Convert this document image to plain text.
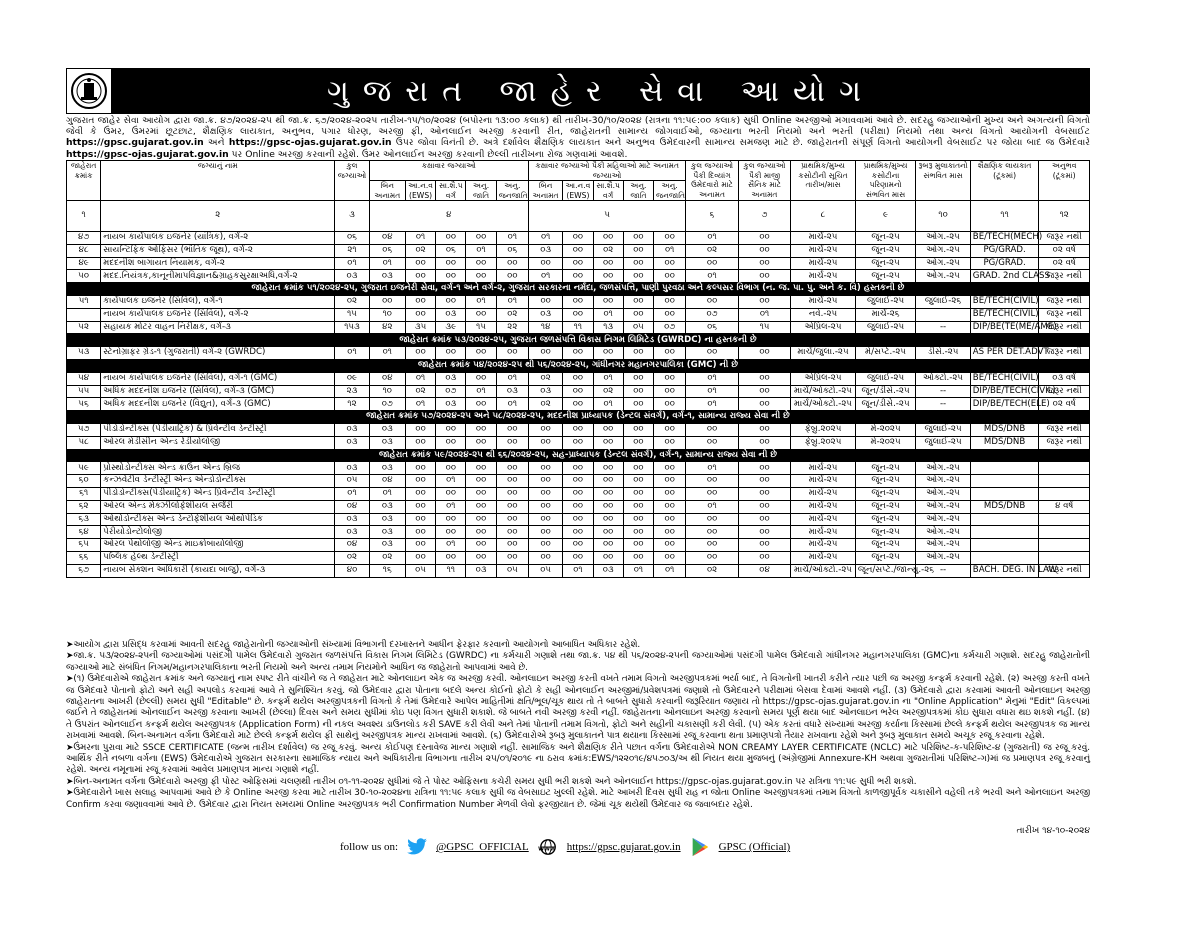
ગુજરાત જાહેર સેવા આયોગ
ગુજરાત જાહેર સેવા આયોગ દ્વારા જા.ક્ર. ૪૭/૨૦૨૪-૨૫ થી જા.ક્ર. ૬૭/૨૦૨૪-૨૦૨૫ તારીખ-૧૫/૧૦/૨૦૨૪ (બપોરના ૧૩:૦૦ કલાક) થી તારીખ-30/૧૦/૨૦૨૪ (રાત્રના ૧૧:૫૯:૦૦ કલાક) સુધી Online અરજીઓ મગાવવામાં આવે છે. સદરહુ જગ્યાઓની મુખ્ય અને અગત્યની વિગતો જેવી કે ઉંમર, ઉંમરમાં છૂટછાટ, શૈક્ષણિક લાયકાત, અનુભવ, પગાર ધોરણ, અરજી ફી, ઓનલાઈન અરજી કરવાની રીત, જાહેરાતની સામાન્ય જોગવાઈઓ, જગ્યાના ભરતી નિયમો અને ભરતી (પરીક્ષા) નિયમો તથા અન્ય વિગતો આયોગની વેબસાઈટ https://gpsc.gujarat.gov.in અને https://gpsc-ojas.gujarat.gov.in ઉપર જોવા વિનંતી છે. અત્રે દર્શાવેલ શૈક્ષણિક લાયકાત અને અનુભવ ઉમેદવારની સામાન્ય સમજણ માટે છે. જાહેરાતની સંપૂર્ણ વિગતો આયોગની વેબસાઈટ પર જોયા બાદ જ ઉમેદવારે https://gpsc-ojas.gujarat.gov.in પર Online અરજી કરવાની રહેશે. ઉંમર ઓનલાઈન અરજી કરવાની છેલ્લી તારીખના રોજ ગણવામાં આવશે.
જાહેરાત ક્રમાંક	જગ્યાનું નામ	કુલ જગ્યાઓ	કક્ષાવાર જગ્યાઓ					કક્ષાવાર જગ્યાઓ પૈકી મહિલાઓ માટે અનામત જગ્યાઓ					કુલ જગ્યાઓ પૈકી દિવ્યાંગ ઉમેદવારો માટે અનામત	કુલ જગ્યાઓ પૈકી માજી સૈનિક માટે અનામત	પ્રાથમિક/મુખ્ય કસોટીની સૂચિત તારીખ/માસ	પ્રાથમિક/મુખ્ય કસોટીના પરિણામનો સંભવિત માસ	રૂબરૂ મુલાકાતનો સંભવિત માસ	શૈક્ષણિક લાયકાત (ટૂંકમાં)	અનુભવ (ટૂંકમાં)
			બિન અનામત	આ.ન.વ (EWS)	સા.શૈ.પ વર્ગ	અનુ. જાતિ	અનુ. જનજાતિ	બિન અનામત	આ.ન.વ (EWS)	સા.શૈ.પ વર્ગ	અનુ. જાતિ	અનુ. જનજાતિ							
૧	૨	૩	૪					૫					૬	૭	૮	૯	૧૦	૧૧	૧૨
૪૭	નાયબ કાર્યપાલક ઇજનેર (યાંત્રિક), વર્ગ-૨	૦૬	૦૪	૦૧	૦૦	૦૦	૦૧	૦૧	૦૦	૦૦	૦૦	૦૦	૦૧	૦૦	માર્ચ-૨૫	જૂન-૨૫	ઓગ.-૨૫	BE/TECH(MECH)	જરૂર નથી
૪૮	સાયન્ટિફિક ઓફિસર (ભૌતિક જૂથ), વર્ગ-૨	૨૧	૦૬	૦૨	૦૬	૦૧	૦૬	૦૩	૦૦	૦૨	૦૦	૦૧	૦૨	૦૦	માર્ચ-૨૫	જૂન-૨૫	ઓગ.-૨૫	PG/GRAD.	૦૨ વર્ષ
૪૯	મદદનીશ બાગાયત નિયામક, વર્ગ-૨	૦૧	૦૧	૦૦	૦૦	૦૦	૦૦	૦૦	૦૦	૦૦	૦૦	૦૦	૦૦	૦૦	માર્ચ-૨૫	જૂન-૨૫	ઓગ.-૨૫	PG/GRAD.	૦૨ વર્ષ
૫૦	મદદ.નિયંત્રક,કાનૂનીમાપવિજ્ઞાન&ગ્રાહકસુરક્ષાઅધિ,વર્ગ-૨	૦૩	૦૩	૦૦	૦૦	૦૦	૦૦	૦૧	૦૦	૦૦	૦૦	૦૦	૦૧	૦૦	માર્ચ-૨૫	જૂન-૨૫	ઓગ.-૨૫	GRAD. 2nd CLASS	જરૂર નથી
જાહેરાત ક્રમાંક ૫૧/૨૦૨૪-૨૫, ગુજરાત ઇજનેરી સેવા, વર્ગ-૧ અને વર્ગ-૨, ગુજરાત સરકારના નર્મદા, જળસંપત્તિ, પાણી પુરવઠા અને કલ્પસર વિભાગ (ન. જ. પા. પુ. અને ક. વિ) હસ્તકની છે																			
૫૧	કાર્યપાલક ઇજનેર (સિવિલ), વર્ગ-૧	૦૨	૦૦	૦૦	૦૦	૦૧	૦૧	૦૦	૦૦	૦૦	૦૦	૦૦	૦૦	૦૦	માર્ચ-૨૫	જુલાઈ-૨૫	જુલાઈ-૨૬	BE/TECH(CIVIL)	જરૂર નથી
	નાયબ કાર્યપાલક ઇજનેર (સિવિલ), વર્ગ-૨	૧૫	૧૦	૦૦	૦૩	૦૦	૦૨	૦૩	૦૦	૦૧	૦૦	૦૦	૦૭	૦૧	નવે.-૨૫	માર્ચ-૨૬		BE/TECH(CIVIL)	જરૂર નથી
૫૨	સહાયક મોટર વાહન નિરીક્ષક, વર્ગ-૩	૧૫૩	૪૨	૩૫	૩૯	૧૫	૨૨	૧૪	૧૧	૧૩	૦૫	૦૭	૦૬	૧૫	એપ્રિલ-૨૫	જુલાઈ-૨૫	--	DIP/BE(TE(ME/AME)	જરૂર નથી
જાહેરાત ક્રમાંક ૫૩/૨૦૨૪-૨૫, ગુજરાત જળસંપત્તિ વિકાસ નિગમ લિમિટેડ (GWRDC) ના હસ્તકની છે																			
૫૩	સ્ટેનોગ્રાફર ગ્રેડ-૧ (ગુજરાતી) વર્ગ-૨ (GWRDC)	૦૧	૦૧	૦૦	૦૦	૦૦	૦૦	૦૦	૦૦	૦૦	૦૦	૦૦	૦૦	૦૦	માર્ચ/જુલા.-૨૫	મે/સપ્ટે.-૨૫	ડીસે.-૨૫	AS PER DET.ADVT.	જરૂર નથી
જાહેરાત ક્રમાંક ૫૪/૨૦૨૪-૨૫ થી ૫૬/૨૦૨૪-૨૫, ગાંધીનગર મહાનગરપાલિકા (GMC) ની છે																			
૫૪	નાયબ કાર્યપાલક ઇજનેર (સિવિલ), વર્ગ-૧ (GMC)	૦૯	૦૪	૦૧	૦૩	૦૦	૦૧	૦૨	૦૦	૦૧	૦૦	૦૦	૦૧	૦૦	એપ્રિલ-૨૫	જુલાઈ-૨૫	ઓક્ટો.-૨૫	BE/TECH(CIVIL)	૦૩ વર્ષ
૫૫	અધિક મદદનીશ ઇજનેર (સિવિલ), વર્ગ-૩ (GMC)	૨૩	૧૦	૦૨	૦૭	૦૧	૦૩	૦૩	૦૦	૦૨	૦૦	૦૦	૦૧	૦૦	માર્ચ/ઓક્ટો.-૨૫	જૂન/ડીસે.-૨૫	--	DIP/BE/TECH(CIVIL)	જરૂર નથી
૫૬	અધિક મદદનીશ ઇજનેર (વિદ્યુત), વર્ગ-૩ (GMC)	૧૨	૦૭	૦૧	૦૩	૦૦	૦૧	૦૨	૦૦	૦૧	૦૦	૦૦	૦૧	૦૦	માર્ચ/ઓક્ટો.-૨૫	જૂન/ડીસે.-૨૫	--	DIP/BE/TECH(ELE)	૦૨ વર્ષ
જાહેરાત ક્રમાંક ૫૭/૨૦૨૪-૨૫ અને ૫૮/૨૦૨૪-૨૫, મદદનીશ પ્રાધ્યાપક (ડેન્ટલ સંવર્ગ), વર્ગ-૧, સામાન્ય રાજ્ય સેવા ની છે																			
૫૭	પીડોડોન્ટીક્સ (પેડીયાટ્રિક) & પ્રિવેન્ટીવ ડેન્ટીસ્ટ્રી	૦૩	૦૩	૦૦	૦૦	૦૦	૦૦	૦૦	૦૦	૦૦	૦૦	૦૦	૦૦	૦૦	ફેબ્રુ.૨૦૨૫	મે-૨૦૨૫	જુલાઈ-૨૫	MDS/DNB	જરૂર નથી
૫૮	ઓરલ મેડીસીન એન્ડ રેડીયોલોજી	૦૩	૦૩	૦૦	૦૦	૦૦	૦૦	૦૦	૦૦	૦૦	૦૦	૦૦	૦૦	૦૦	ફેબ્રુ.૨૦૨૫	મે-૨૦૨૫	જુલાઈ-૨૫	MDS/DNB	જરૂર નથી
જાહેરાત ક્રમાંક ૫૯/૨૦૨૪-૨૫ થી ૬૬/૨૦૨૪-૨૫, સહ-પ્રાધ્યાપક (ડેન્ટલ સંવર્ગ), વર્ગ-૧, સામાન્ય રાજ્ય સેવા ની છે																			
૫૯	પ્રોસ્થોડોન્ટીક્સ એન્ડ ક્રાઉન એન્ડ બ્રિજ	૦૩	૦૩	૦૦	૦૦	૦૦	૦૦	૦૦	૦૦	૦૦	૦૦	૦૦	૦૧	૦૦	માર્ચ-૨૫	જૂન-૨૫	ઓગ.-૨૫		
૬૦	કન્ઝર્વેટીવ ડેન્ટીસ્ટ્રી એન્ડ એન્ડોડોન્ટીક્સ	૦૫	૦૪	૦૦	૦૧	૦૦	૦૦	૦૦	૦૦	૦૦	૦૦	૦૦	૦૦	૦૦	માર્ચ-૨૫	જૂન-૨૫	ઓગ.-૨૫		
૬૧	પીડોડોન્ટીક્સ(પેડીયાટ્રિક) એન્ડ પ્રિવેન્ટીવ ડેન્ટીસ્ટ્રી	૦૧	૦૧	૦૦	૦૦	૦૦	૦૦	૦૦	૦૦	૦૦	૦૦	૦૦	૦૦	૦૦	માર્ચ-૨૫	જૂન-૨૫	ઓગ.-૨૫		
૬૨	ઓરલ એન્ડ મેક્ઝીલોફેશીયલ સર્જરી	૦૪	૦૩	૦૦	૦૧	૦૦	૦૦	૦૦	૦૦	૦૦	૦૦	૦૦	૦૧	૦૦	માર્ચ-૨૫	જૂન-૨૫	ઓગ.-૨૫	MDS/DNB	૪ વર્ષ
૬૩	ઓર્થોડોન્ટીક્સ એન્ડ ડેન્ટોફેશીયલ ઓર્થોપેડિક	૦૩	૦૩	૦૦	૦૦	૦૦	૦૦	૦૦	૦૦	૦૦	૦૦	૦૦	૦૦	૦૦	માર્ચ-૨૫	જૂન-૨૫	ઓગ.-૨૫		
૬૪	પેરીયોડોન્ટોલોજી	૦૩	૦૩	૦૦	૦૦	૦૦	૦૦	૦૦	૦૦	૦૦	૦૦	૦૦	૦૦	૦૦	માર્ચ-૨૫	જૂન-૨૫	ઓગ.-૨૫		
૬૫	ઓરલ પેથોલોજી એન્ડ માઇક્રોબાયોલોજી	૦૪	૦૩	૦૦	૦૧	૦૦	૦૦	૦૦	૦૦	૦૦	૦૦	૦૦	૦૦	૦૦	માર્ચ-૨૫	જૂન-૨૫	ઓગ.-૨૫		
૬૬	પબ્લિક હેલ્થ ડેન્ટીસ્ટ્રી	૦૨	૦૨	૦૦	૦૦	૦૦	૦૦	૦૦	૦૦	૦૦	૦૦	૦૦	૦૦	૦૦	માર્ચ-૨૫	જૂન-૨૫	ઓગ.-૨૫		
૬૭	નાયબ સેક્શન અધિકારી (કાયદા બાજુ), વર્ગ-૩	૪૦	૧૬	૦૫	૧૧	૦૩	૦૫	૦૫	૦૧	૦૩	૦૧	૦૧	૦૨	૦૪	માર્ચ/ઓક્ટો.-૨૫	જૂન/સપ્ટે./જાન્યુ.-૨૬	--	BACH. DEG. IN LAW	જરૂર નથી

➤આયોગ દ્વારા પ્રસિદ્ધ કરવામાં આવતી સદરહુ જાહેરાતોની જગ્યાઓની સંખ્યામાં વિભાગની દરખાસ્તને આધીન ફેરફાર કરવાનો આયોગનો આબાધિત અધિકાર રહેશે.

➤જા.ક્ર. ૫૩/૨૦૨૪-૨૫ની જગ્યાઓમાં પસંદગી પામેલ ઉમેદવારો ગુજરાત જળસંપત્તિ વિકાસ નિગમ લિમિટેડ (GWRDC) ના કર્મચારી ગણાશે તથા જા.ક્ર. ૫૪ થી ૫૬/૨૦૨૪-૨૫ની જગ્યાઓમાં પસંદગી પામેલ ઉમેદવારો ગાંધીનગર મહાનગરપાલિકા (GMC)ના કર્મચારી ગણાશે. સદરહુ જાહેરાતોની જગ્યાઓ માટે સંબંધિત નિગમ/મહાનગરપાલિકાના ભરતી નિયમો અને અન્ય તમામ નિયમોને આધિન જ જાહેરાતો આપવામાં આવે છે.

➤(૧) ઉમેદવારોએ જાહેરાત ક્રમાંક અને જગ્યાનું નામ સ્પષ્ટ રીતે વાંચીને જ તે જાહેરાત માટે ઓનલાઇન એક જ અરજી કરવી. ઓનલાઇન અરજી કરતી વખતે તમામ વિગતો અરજીપત્રકમાં ભર્યા બાદ, તે વિગતોની ખાતરી કરીને ત્યાર પછી જ અરજી કન્ફર્મ કરવાની રહેશે. (૨) અરજી કરતી વખતે જ ઉમેદવારે પોતાનો ફોટો અને સહી અપલોડ કરવામાં આવે તે સુનિશ્ચિત કરવું. જો ઉમેદવાર દ્વારા પોતાના બદલે અન્ય કોઈનો ફોટો કે સહી ઓનલાઈન અરજીમાં/પ્રવેશપત્રમાં જણાશે તો ઉમેદવારને પરીક્ષામાં બેસવા દેવામાં આવશે નહીં. (૩) ઉમેદવારો દ્વારા કરવામાં આવતી ઓનલાઇન અરજી જાહેરાતના આખરી (છેલ્લી) સમય સુધી "Editable" છે. કન્ફર્મ થયેલ અરજીપત્રકની વિગતો કે તેમાં ઉમેદવારે આપેલ માહિતીમાં ક્ષતિ/ભૂલ/ચૂક થાય તો તે બાબતે સુધારો કરવાની જરૂરિયાત જણાય તો https://gpsc-ojas.gujarat.gov.in ના "Online Application" મેનુમાં "Edit" વિકલ્પમાં જઈને તે જાહેરાતમાં ઓનલાઈન અરજી કરવાના આખરી (છેલ્લા) દિવસ અને સમય સુધીમાં કોઇ પણ વિગત સુધારી શકાશે. જે બાબતે નવી અરજી કરવી નહીં. જાહેરાતના ઓનલાઇન અરજી કરવાનો સમય પૂર્ણ થયા બાદ ઓનલાઇન ભરેલ અરજીપત્રકમાં કોઇ સુધારા વધારા થઇ શકશે નહીં. (૪) તે ઉપરાંત ઓનલાઈન કન્ફર્મ થયેલ અરજીપત્રક (Application Form) ની નકલ અવશ્ય ડાઉનલોડ કરી SAVE કરી લેવી અને તેમાં પોતાની તમામ વિગતો, ફોટો અને સહીની ચકાસણી કરી લેવી. (૫) એક કરતાં વધારે સંખ્યામાં અરજી કર્યાના કિસ્સામાં છેલ્લે કન્ફર્મ થયેલ અરજીપત્રક જ માન્ય રાખવામાં આવશે. બિન-અનામત વર્ગના ઉમેદવારો માટે છેલ્લે કન્ફર્મ થયેલ ફી સાથેનું અરજીપત્રક માન્ય રાખવામાં આવશે. (૬) ઉમેદવારોએ રૂબરૂ મુલાકાતને પાત્ર થયાના કિસ્સામાં રજૂ કરવાના થતા પ્રમાણપત્રો તૈયાર રાખવાના રહેશે અને રૂબરૂ મુલાકાત સમયે અચૂક રજૂ કરવાના રહેશે.

➤ઉંમરના પુરાવા માટે SSCE CERTIFICATE (જન્મ તારીખ દર્શાવેલ) જ રજૂ કરવું. અન્ય કોઈપણ દસ્તાવેજ માન્ય ગણાશે નહીં. સામાજિક અને શૈક્ષણિક રીતે પછાત વર્ગના ઉમેદવારોએ NON CREAMY LAYER CERTIFICATE (NCLC) માટે પરિશિષ્ટ-ક-પરિશિષ્ટ-૪ (ગુજરાતી) જ રજૂ કરવું. આર્થિક રીતે નબળા વર્ગના (EWS) ઉમેદવારોએ ગુજરાત સરકારના સામાજિક ન્યાય અને અધિકારીતા વિભાગના તારીખ ૨૫/૦૧/૨૦૧૯ ના ઠરાવ ક્રમાંક:EWS/૧૨૨૦૧૯/૪૫૭૦૩/અ થી નિયત થયા મુજબનું (અંગ્રેજીમાં Annexure-KH અથવા ગુજરાતીમાં પરિશિષ્ટ-ગ)માં જ પ્રમાણપત્ર રજૂ કરવાનું રહેશે. અન્ય નમૂનામાં રજૂ કરવામાં આવેલ પ્રમાણપત્ર માન્ય ગણાશે નહીં.

➤બિન-અનામત વર્ગના ઉમેદવારો અરજી ફી પોસ્ટ ઓફિસમાં ચલણથી તારીખ ૦૧-૧૧-૨૦૨૪ સુધીમાં જે તે પોસ્ટ ઓફિસના કચેરી સમય સુધી ભરી શકશે અને ઓનલાઈન https://gpsc-ojas.gujarat.gov.in પર રાત્રિના ૧૧:૫૯ સુધી ભરી શકશે.

➤ઉમેદવારોને ખાસ સલાહ આપવામાં આવે છે કે Online અરજી કરવા માટે તારીખ 30-૧૦-૨૦૨૪ના રાત્રિના ૧૧:૫૯ કલાક સુધી જ વેબસાઇટ ખુલ્લી રહેશે. માટે આખરી દિવસ સુધી રાહ ન જોતા Online અરજીપત્રકમાં તમામ વિગતો કાળજીપૂર્વક ચકાસીને વહેલી તકે ભરવી અને ઓનલાઇન અરજી Confirm કરવા જણાવવામાં આવે છે. ઉમેદવાર દ્વારા નિયત સમયમાં Online અરજીપત્રક ભરી Confirmation Number મેળવી લેવો ફરજીયાત છે. જેમાં ચૂક થયેથી ઉમેદવાર જ જવાબદાર રહેશે.

તારીખ ૧૪-૧૦-૨૦૨૪
follow us on:	@GPSC_OFFICIAL WWW https://gpsc.gujarat.gov.in	GPSC (Official)
